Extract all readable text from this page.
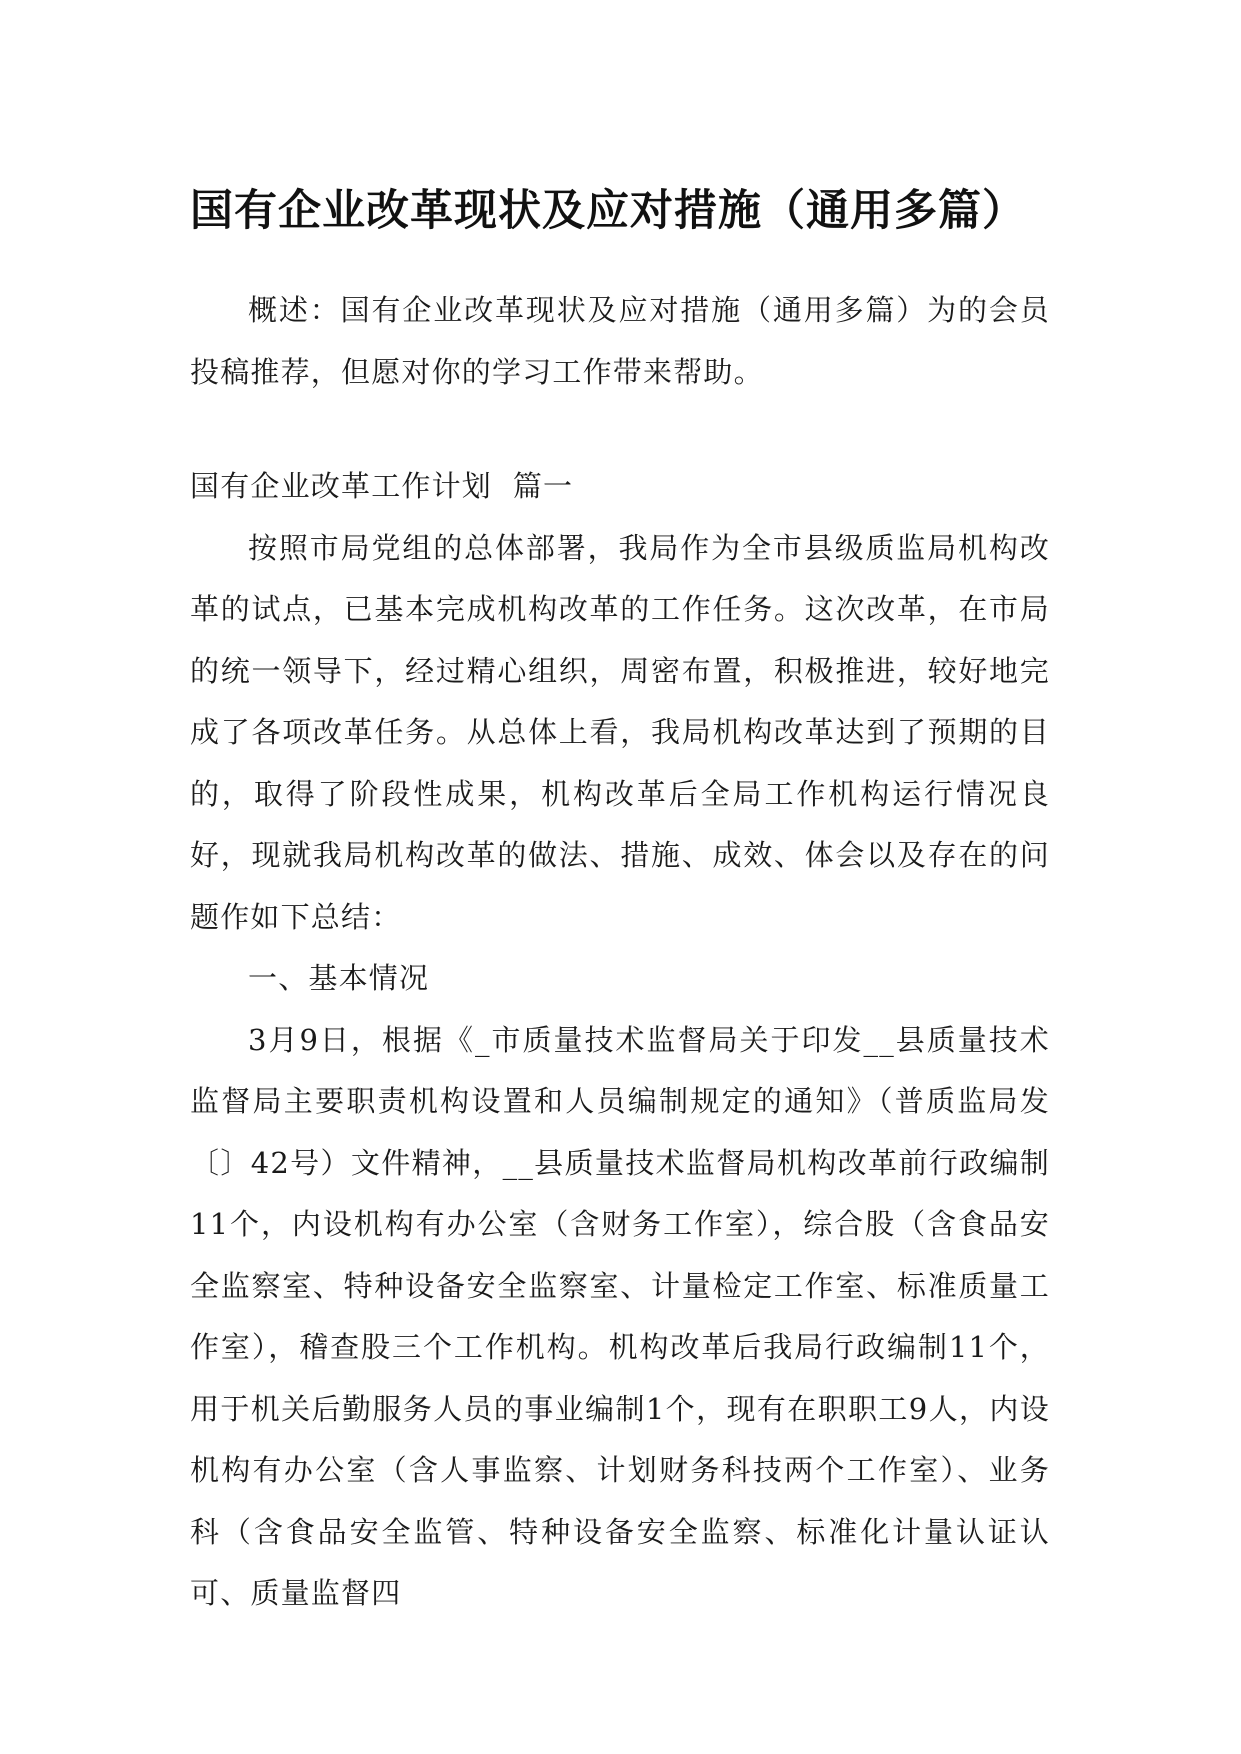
国有企业改革现状及应对措施（通用多篇）

概述：国有企业改革现状及应对措施（通用多篇）为的会员投稿推荐，但愿对你的学习工作带来帮助。

国有企业改革工作计划  篇一

按照市局党组的总体部署，我局作为全市县级质监局机构改革的试点，已基本完成机构改革的工作任务。这次改革，在市局的统一领导下，经过精心组织，周密布置，积极推进，较好地完成了各项改革任务。从总体上看，我局机构改革达到了预期的目的，取得了阶段性成果，机构改革后全局工作机构运行情况良好，现就我局机构改革的做法、措施、成效、体会以及存在的问题作如下总结：

一、基本情况

3月9日，根据《_市质量技术监督局关于印发__县质量技术监督局主要职责机构设置和人员编制规定的通知》（普质监局发〔〕42号）文件精神，__县质量技术监督局机构改革前行政编制11个，内设机构有办公室（含财务工作室），综合股（含食品安全监察室、特种设备安全监察室、计量检定工作室、标准质量工作室），稽查股三个工作机构。机构改革后我局行政编制11个，用于机关后勤服务人员的事业编制1个，现有在职职工9人，内设机构有办公室（含人事监察、计划财务科技两个工作室）、业务科（含食品安全监管、特种设备安全监察、标准化计量认证认可、质量监督四
